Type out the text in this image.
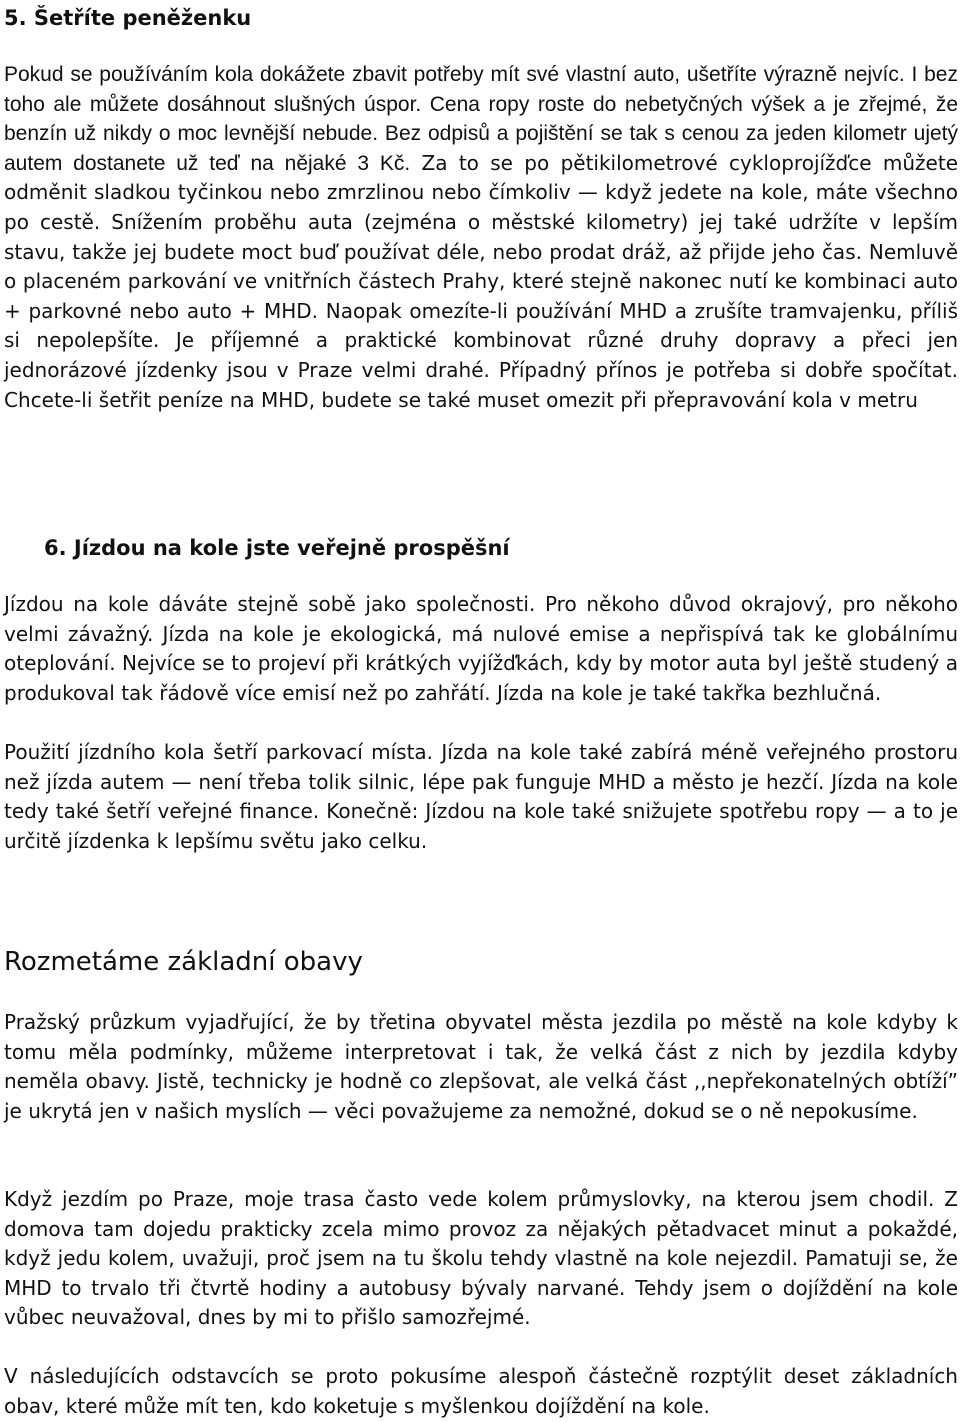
5. Šetříte peněženku

Pokud se používáním kola dokážete zbavit potřeby mít své vlastní auto, ušetříte výrazně nejvíc. I bez toho ale můžete dosáhnout slušných úspor. Cena ropy roste do nebetyčných výšek a je zřejmé, že benzín už nikdy o moc levnější nebude. Bez odpisů a pojištění se tak s cenou za jeden kilometr ujetý autem dostanete už teď na nějaké 3 Kč. Za to se po pětikilometrové cykloprojížďce můžete odměnit sladkou tyčinkou nebo zmrzlinou nebo čímkoliv — když jedete na kole, máte všechno po cestě. Snížením proběhu auta (zejména o městské kilometry) jej také udržíte v lepším stavu, takže jej budete moct buď používat déle, nebo prodat dráž, až přijde jeho čas. Nemluvě o placeném parkování ve vnitřních částech Prahy, které stejně nakonec nutí ke kombinaci auto + parkovné nebo auto + MHD. Naopak omezíte-li používání MHD a zrušíte tramvajenku, příliš si nepolepšíte. Je příjemné a praktické kombinovat různé druhy dopravy a přeci jen jednorázové jízdenky jsou v Praze velmi drahé. Případný přínos je potřeba si dobře spočítat. Chcete-li šetřit peníze na MHD, budete se také muset omezit při přepravování kola v metru

6. Jízdou na kole jste veřejně prospěšní

Jízdou na kole dáváte stejně sobě jako společnosti. Pro někoho důvod okrajový, pro někoho velmi závažný. Jízda na kole je ekologická, má nulové emise a nepřispívá tak ke globálnímu oteplování. Nejvíce se to projeví při krátkých vyjížďkách, kdy by motor auta byl ještě studený a produkoval tak řádově více emisí než po zahřátí. Jízda na kole je také takřka bezhlučná.

Použití jízdního kola šetří parkovací místa. Jízda na kole také zabírá méně veřejného prostoru než jízda autem — není třeba tolik silnic, lépe pak funguje MHD a město je hezčí. Jízda na kole tedy také šetří veřejné finance. Konečně: Jízdou na kole také snižujete spotřebu ropy — a to je určitě jízdenka k lepšímu světu jako celku.

Rozmetáme základní obavy

Pražský průzkum vyjadřující, že by třetina obyvatel města jezdila po městě na kole kdyby k tomu měla podmínky, můžeme interpretovat i tak, že velká část z nich by jezdila kdyby neměla obavy. Jistě, technicky je hodně co zlepšovat, ale velká část ,,nepřekonatelných obtíží” je ukrytá jen v našich myslích — věci považujeme za nemožné, dokud se o ně nepokusíme.

Když jezdím po Praze, moje trasa často vede kolem průmyslovky, na kterou jsem chodil. Z domova tam dojedu prakticky zcela mimo provoz za nějakých pětadvacet minut a pokaždé, když jedu kolem, uvažuji, proč jsem na tu školu tehdy vlastně na kole nejezdil. Pamatuji se, že MHD to trvalo tři čtvrtě hodiny a autobusy bývaly narvané. Tehdy jsem o dojíždění na kole vůbec neuvažoval, dnes by mi to přišlo samozřejmé.

V následujících odstavcích se proto pokusíme alespoň částečně rozptýlit deset základních obav, které může mít ten, kdo koketuje s myšlenkou dojíždění na kole.
